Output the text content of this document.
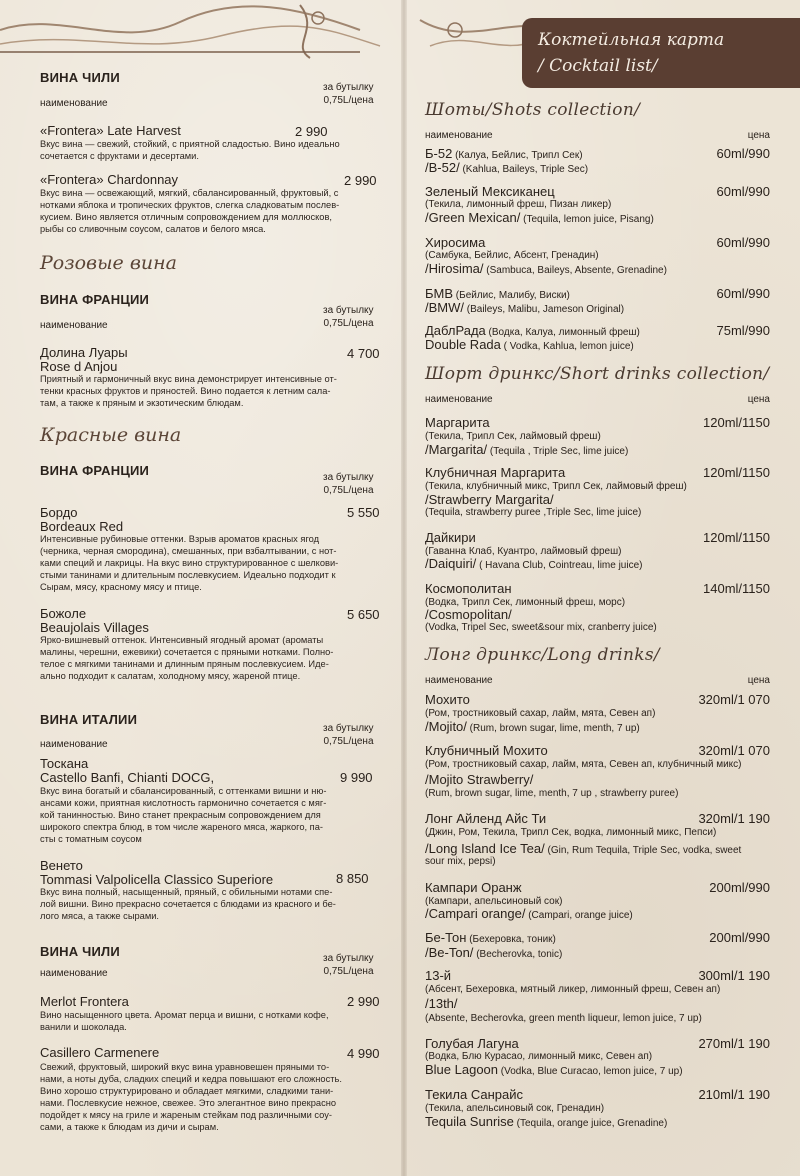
ВИНА ЧИЛИ
за бутылку
0,75L/цена
наименование
«Frontera» Late Harvest	2 990
Вкус вина — свежий, стойкий, с приятной сладостью. Вино идеально
сочетается с фруктами и десертами.
«Frontera» Chardonnay	2 990
Вкус вина — освежающий, мягкий, сбалансированный, фруктовый, с
нотками яблока и тропических фруктов, слегка сладковатым послев-
кусием. Вино является отличным сопровождением для моллюсков,
рыбы со сливочным соусом, салатов и белого мяса.
Розовые вина
ВИНА ФРАНЦИИ
за бутылку
0,75L/цена
наименование
Долина Луары
Rose d Anjou
4 700
Приятный и гармоничный вкус вина демонстрирует интенсивные от-
тенки красных фруктов и пряностей. Вино подается к летним сала-
там, а также к пряным и экзотическим блюдам.
Красные вина
ВИНА ФРАНЦИИ	за бутылку
0,75L/цена
Бордо
Bordeaux Red
5 550
Интенсивные рубиновые оттенки. Взрыв ароматов красных ягод
(черника, черная смородина), смешанных, при взбалтывании, с нот-
ками специй и лакрицы. На вкус вино структурированное с шелкови-
стыми танинами и длительным послевкусием. Идеально подходит к
Сырам, мясу, красному мясу и птице.
Божоле
Beaujolais Villages
5 650
Ярко-вишневый оттенок. Интенсивный ягодный аромат (ароматы
малины, черешни, ежевики) сочетается с пряными нотками. Полно-
телое с мягкими танинами и длинным пряным послевкусием. Иде-
ально подходит к салатам, холодному мясу, жареной птице.
ВИНА ИТАЛИИ
за бутылку
0,75L/цена
наименование
Тоскана
Castello Banfi, Chianti DOCG,	9 990
Вкус вина богатый и сбалансированный, с оттенками вишни и ню-
ансами кожи, приятная кислотность гармонично сочетается с мяг-
кой танинностью. Вино станет прекрасным сопровождением для
широкого спектра блюд, в том числе жареного мяса, жаркого, па-
сты с томатным соусом
Венето
Tommasi Valpolicella Classico Superiore	8 850
Вкус вина полный, насыщенный, пряный, с обильными нотами спе-
лой вишни. Вино прекрасно сочетается с блюдами из красного и бе-
лого мяса, а также сырами.
ВИНА ЧИЛИ	за бутылку
0,75L/цена
наименование
Merlot Frontera	2 990
Вино насыщенного цвета. Аромат перца и вишни, с нотками кофе,
ванили и шоколада.
Casillero Carmenere	4 990
Свежий, фруктовый, широкий вкус вина уравновешен пряными то-
нами, а ноты дуба, сладких специй и кедра повышают его сложность.
Вино хорошо структурировано и обладает мягкими, сладкими тани-
нами. Послевкусие нежное, свежее. Это элегантное вино прекрасно
подойдет к мясу на гриле и жареным стейкам под различными соу-
сами, а также к блюдам из дичи и сырам.
Коктейльная карта
/ Cocktail list/
Шоты/Shots collection/
наименование	цена
Б-52 (Калуа, Бейлис, Трипл Сек)	60ml/990
/B-52/ (Kahlua, Baileys, Triple Sec)
Зеленый Мексиканец	60ml/990
(Текила, лимонный фреш, Пизан ликер)
/Green Mexican/ (Tequila, lemon juice, Pisang)
Хиросима	60ml/990
(Самбука, Бейлис, Абсент, Гренадин)
/Hirosima/ (Sambuca, Baileys, Absente, Grenadine)
БМВ (Бейлис, Малибу, Виски)	60ml/990
/BMW/ (Baileys, Malibu, Jameson Original)
ДаблРада (Водка, Калуа, лимонный фреш)	75ml/990
Double Rada ( Vodka, Kahlua, lemon juice)
Шорт дринкс/Short drinks collection/
наименование	цена
Маргарита	120ml/1150
(Текила, Трипл Сек, лаймовый фреш)
/Margarita/ (Tequila , Triple Sec, lime juice)
Клубничная Маргарита	120ml/1150
(Текила, клубничный микс, Трипл Сек, лаймовый фреш)
/Strawberry Margarita/
(Tequila, strawberry puree ,Triple Sec, lime juice)
Дайкири	120ml/1150
(Гаванна Клаб, Куантро, лаймовый фреш)
/Daiquiri/ ( Havana Club, Cointreau, lime juice)
Космополитан	140ml/1150
(Водка, Трипл Сек, лимонный фреш, морс)
/Cosmopolitan/
(Vodka, Tripel Sec, sweet&sour mix, cranberry juice)
Лонг дринкс/Long drinks/
наименование	цена
Мохито	320ml/1 070
(Ром, тростниковый сахар, лайм, мята, Севен ап)
/Mojito/ (Rum, brown sugar, lime, menth, 7 up)
Клубничный Мохито	320ml/1 070
(Ром, тростниковый сахар, лайм, мята, Севен ап, клубничный микс)
/Mojito Strawberry/
(Rum, brown sugar, lime, menth, 7 up , strawberry puree)
Лонг Айленд Айс Ти	320ml/1 190
(Джин, Ром, Текила, Трипл Сек, водка, лимонный микс, Пепси)
/Long Island Ice Tea/ (Gin, Rum Tequila, Triple Sec, vodka, sweet
sour mix, pepsi)
Кампари Оранж	200ml/990
(Кампари, апельсиновый сок)
/Campari orange/ (Campari, orange juice)
Бе-Тон (Бехеровка, тоник)	200ml/990
/Be-Ton/ (Becherovka, tonic)
13-й	300ml/1 190
(Абсент, Бехеровка, мятный ликер, лимонный фреш, Севен ап)
/13th/
(Absente, Becherovka, green menth liqueur, lemon juice, 7 up)
Голубая Лагуна	270ml/1 190
(Водка, Блю Курасао, лимонный микс, Севен ап)
Blue Lagoon (Vodka, Blue Curacao, lemon juice, 7 up)
Текила Санрайс	210ml/1 190
(Текила, апельсиновый сок, Гренадин)
Tequila Sunrise (Tequila, orange juice, Grenadine)
